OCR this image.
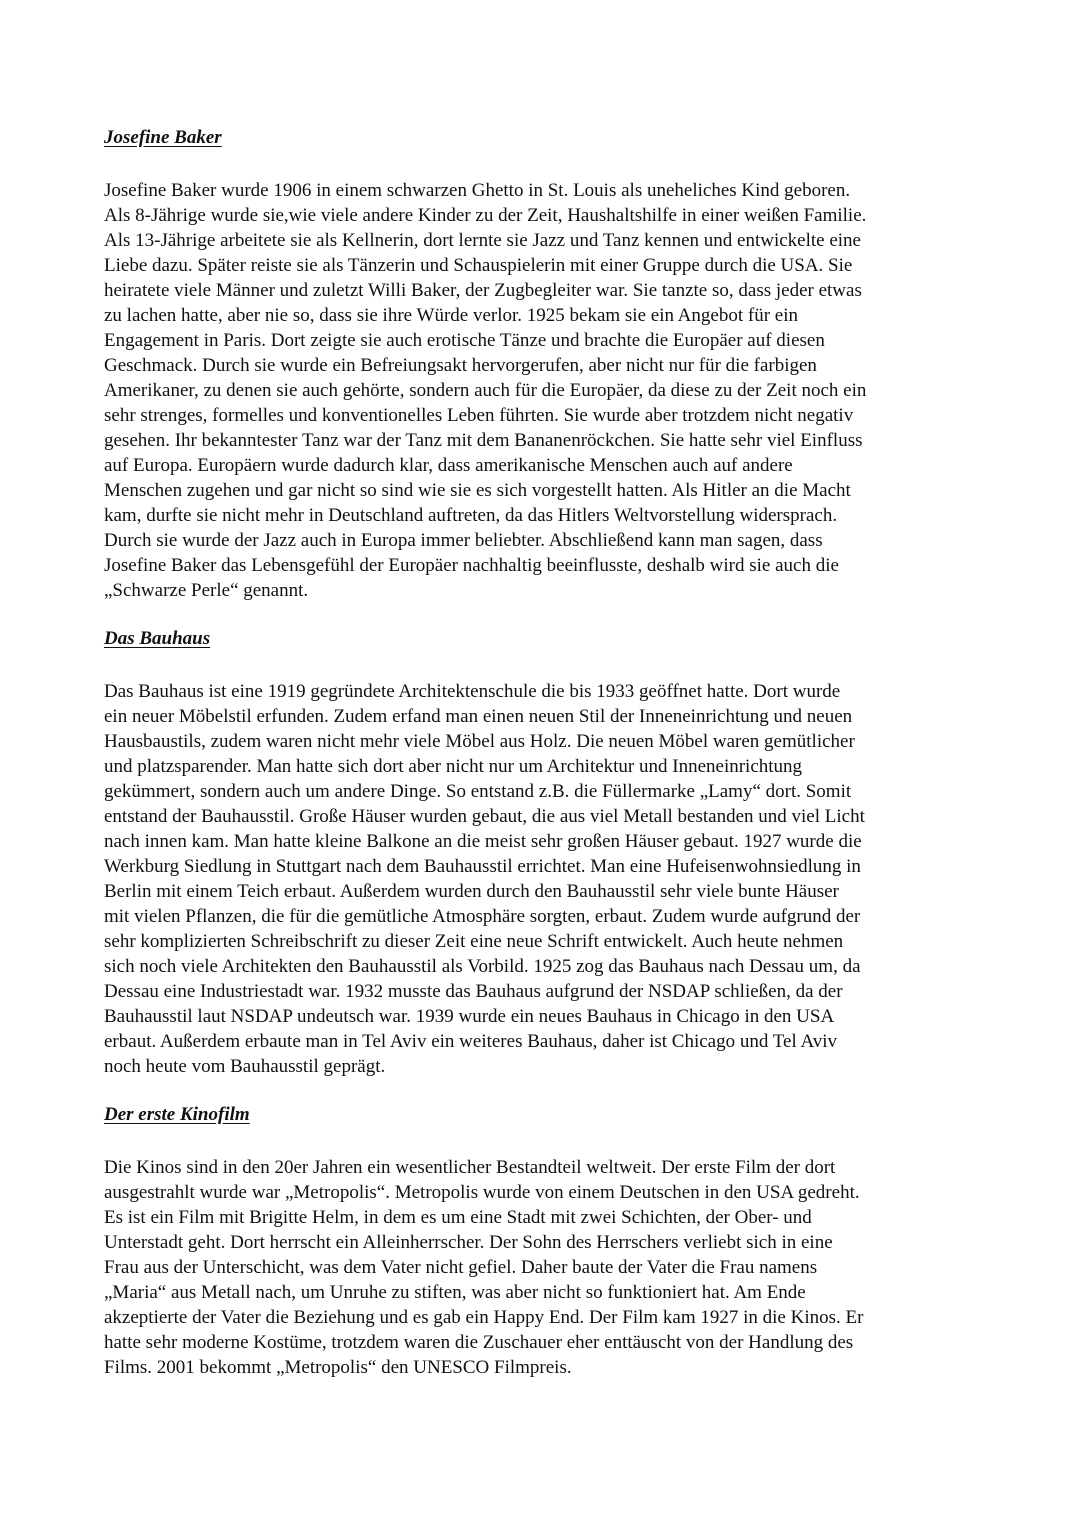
Josefine Baker
Josefine Baker wurde 1906 in einem schwarzen Ghetto in St. Louis als uneheliches Kind geboren.
Als 8-Jährige wurde sie,wie viele andere Kinder zu der Zeit, Haushaltshilfe in einer weißen Familie.
Als 13-Jährige arbeitete sie als Kellnerin, dort lernte sie Jazz und Tanz kennen und entwickelte eine
Liebe dazu. Später reiste sie als Tänzerin und Schauspielerin mit einer Gruppe durch die USA. Sie
heiratete viele Männer und zuletzt Willi Baker, der Zugbegleiter war. Sie tanzte so, dass jeder etwas
zu lachen hatte, aber nie so, dass sie ihre Würde verlor. 1925 bekam sie ein Angebot für ein
Engagement in Paris. Dort zeigte sie auch erotische Tänze und brachte die Europäer auf diesen
Geschmack. Durch sie wurde ein Befreiungsakt hervorgerufen, aber nicht nur für die farbigen
Amerikaner, zu denen sie auch gehörte, sondern auch für die Europäer, da diese zu der Zeit noch ein
sehr strenges, formelles und konventionelles Leben führten. Sie wurde aber trotzdem nicht negativ
gesehen. Ihr bekanntester Tanz war der Tanz mit dem Bananenröckchen. Sie hatte sehr viel Einfluss
auf Europa. Europäern wurde dadurch klar, dass amerikanische Menschen auch auf andere
Menschen zugehen und gar nicht so sind wie sie es sich vorgestellt hatten. Als Hitler an die Macht
kam, durfte sie nicht mehr in Deutschland auftreten, da das Hitlers Weltvorstellung widersprach.
Durch sie wurde der Jazz auch in Europa immer beliebter. Abschließend kann man sagen, dass
Josefine Baker das Lebensgefühl der Europäer nachhaltig beeinflusste, deshalb wird sie auch die
„Schwarze Perle“ genannt.
Das Bauhaus
Das Bauhaus ist eine 1919 gegründete Architektenschule die bis 1933 geöffnet hatte. Dort wurde
ein neuer Möbelstil erfunden. Zudem erfand man einen neuen Stil der Inneneinrichtung und neuen
Hausbaustils, zudem waren nicht mehr viele Möbel aus Holz. Die neuen Möbel waren gemütlicher
und platzsparender. Man hatte sich dort aber nicht nur um Architektur und Inneneinrichtung
gekümmert, sondern auch um andere Dinge. So entstand z.B. die Füllermarke „Lamy“ dort. Somit
entstand der Bauhausstil. Große Häuser wurden gebaut, die aus viel Metall bestanden und viel Licht
nach innen kam. Man hatte kleine Balkone an die meist sehr großen Häuser gebaut. 1927 wurde die
Werkburg Siedlung in Stuttgart nach dem Bauhausstil errichtet. Man eine Hufeisenwohnsiedlung in
Berlin mit einem Teich erbaut. Außerdem wurden durch den Bauhausstil sehr viele bunte Häuser
mit vielen Pflanzen, die für die gemütliche Atmosphäre sorgten, erbaut. Zudem wurde aufgrund der
sehr komplizierten Schreibschrift zu dieser Zeit eine neue Schrift entwickelt. Auch heute nehmen
sich noch viele Architekten den Bauhausstil als Vorbild. 1925 zog das Bauhaus nach Dessau um, da
Dessau eine Industriestadt war. 1932 musste das Bauhaus aufgrund der NSDAP schließen, da der
Bauhausstil laut NSDAP undeutsch war. 1939 wurde ein neues Bauhaus in Chicago in den USA
erbaut. Außerdem erbaute man in Tel Aviv ein weiteres Bauhaus, daher ist Chicago und Tel Aviv
noch heute vom Bauhausstil geprägt.
Der erste Kinofilm
Die Kinos sind in den 20er Jahren ein wesentlicher Bestandteil weltweit. Der erste Film der dort
ausgestrahlt wurde war „Metropolis“. Metropolis wurde von einem Deutschen in den USA gedreht.
Es ist ein Film mit Brigitte Helm, in dem es um eine Stadt mit zwei Schichten, der Ober- und
Unterstadt geht. Dort herrscht ein Alleinherrscher. Der Sohn des Herrschers verliebt sich in eine
Frau aus der Unterschicht, was dem Vater nicht gefiel. Daher baute der Vater die Frau namens
„Maria“ aus Metall nach, um Unruhe zu stiften, was aber nicht so funktioniert hat. Am Ende
akzeptierte der Vater die Beziehung und es gab ein Happy End. Der Film kam 1927 in die Kinos. Er
hatte sehr moderne Kostüme, trotzdem waren die Zuschauer eher enttäuscht von der Handlung des
Films. 2001 bekommt „Metropolis“ den UNESCO Filmpreis.
